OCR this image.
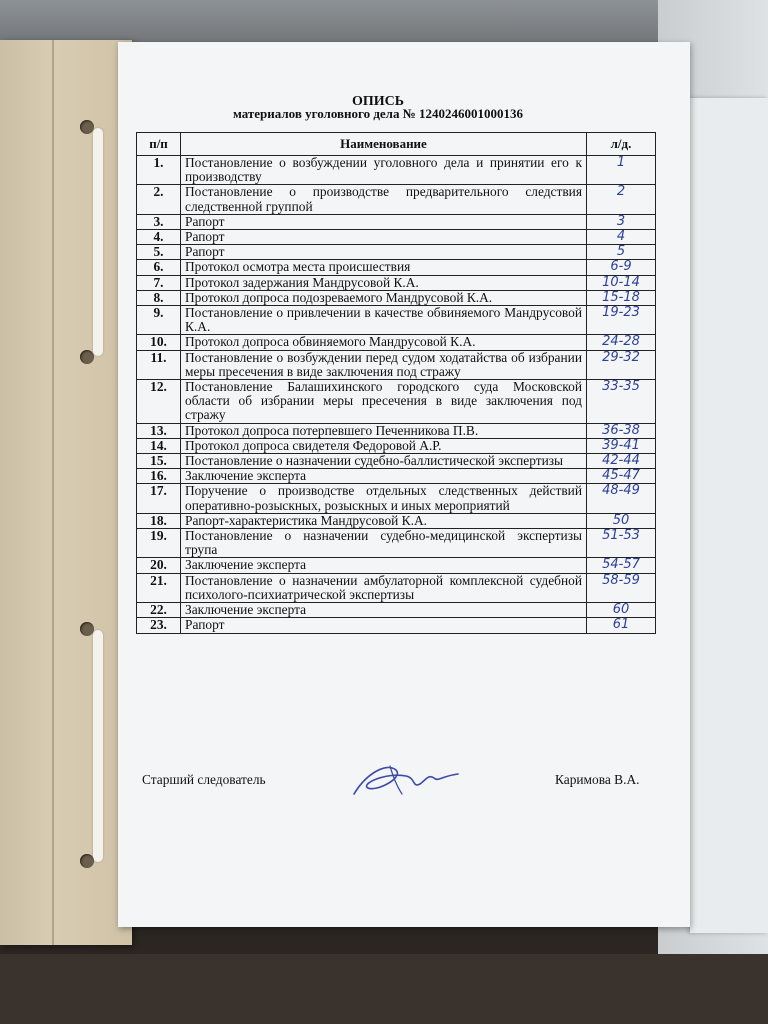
ОПИСЬ
материалов уголовного дела № 1240246001000136
п/п	Наименование	л/д.
1.	Постановление о возбуждении уголовного дела и принятии его к производству	1
2.	Постановление о производстве предварительного следствия следственной группой	2
3.	Рапорт	3
4.	Рапорт	4
5.	Рапорт	5
6.	Протокол осмотра места происшествия	6-9
7.	Протокол задержания Мандрусовой К.А.	10-14
8.	Протокол допроса подозреваемого Мандрусовой К.А.	15-18
9.	Постановление о привлечении в качестве обвиняемого Мандрусовой К.А.	19-23
10.	Протокол допроса обвиняемого Мандрусовой К.А.	24-28
11.	Постановление о возбуждении перед судом ходатайства об избрании меры пресечения в виде заключения под стражу	29-32
12.	Постановление Балашихинского городского суда Московской области об избрании меры пресечения в виде заключения под стражу	33-35
13.	Протокол допроса потерпевшего Печенникова П.В.	36-38
14.	Протокол допроса свидетеля Федоровой А.Р.	39-41
15.	Постановление о назначении судебно-баллистической экспертизы	42-44
16.	Заключение эксперта	45-47
17.	Поручение о производстве отдельных следственных действий оперативно-розыскных, розыскных и иных мероприятий	48-49
18.	Рапорт-характеристика Мандрусовой К.А.	50
19.	Постановление о назначении судебно-медицинской экспертизы трупа	51-53
20.	Заключение эксперта	54-57
21.	Постановление о назначении амбулаторной комплексной судебной психолого-психиатрической экспертизы	58-59
22.	Заключение эксперта	60
23.	Рапорт	61
Старший следователь	Каримова В.А.
